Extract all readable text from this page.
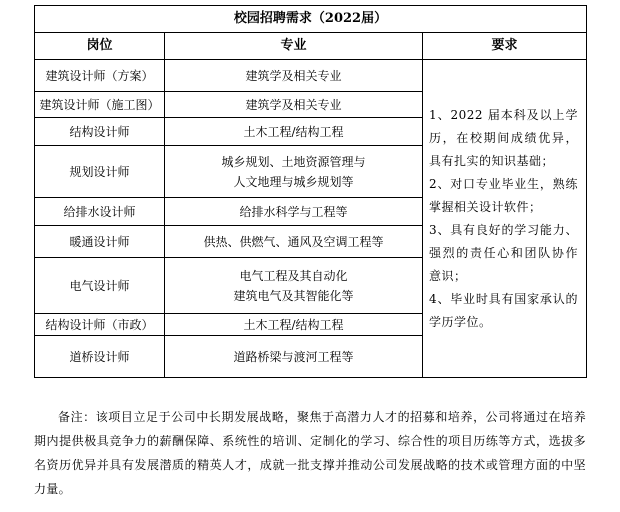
校园招聘需求（2022届）		
岗位	专业	要求
建筑设计师（方案）	建筑学及相关专业	1、2022 届本科及以上学历，在校期间成绩优异，具有扎实的知识基础；
2、对口专业毕业生，熟练掌握相关设计软件；
3、具有良好的学习能力、强烈的责任心和团队协作意识；
4、毕业时具有国家承认的学历学位。

建筑设计师（施工图）	建筑学及相关专业	

结构设计师	土木工程/结构工程	

规划设计师	城乡规划、土地资源管理与
人文地理与城乡规划等	

给排水设计师	给排水科学与工程等	

暖通设计师	供热、供燃气、通风及空调工程等	

电气设计师	电气工程及其自动化
建筑电气及其智能化等	

结构设计师（市政）	土木工程/结构工程	

道桥设计师	道路桥梁与渡河工程等	
备注：该项目立足于公司中长期发展战略，聚焦于高潜力人才的招募和培养，公司将通过在培养期内提供极具竞争力的薪酬保障、系统性的培训、定制化的学习、综合性的项目历练等方式，选拔多名资历优异并具有发展潜质的精英人才，成就一批支撑并推动公司发展战略的技术或管理方面的中坚力量。
